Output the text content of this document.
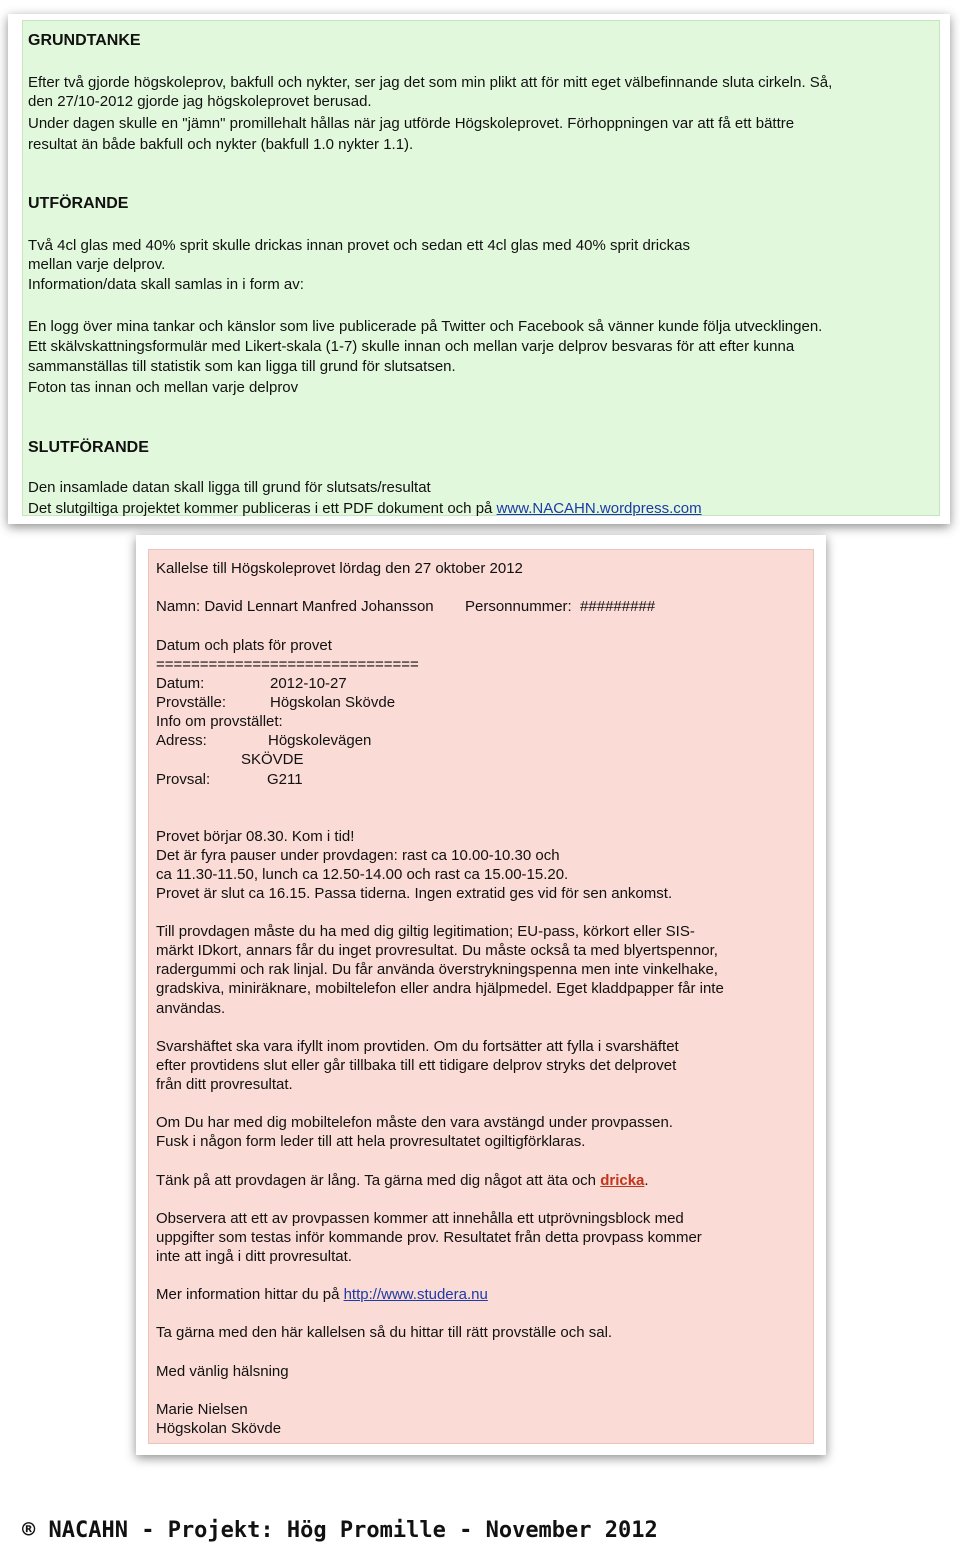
GRUNDTANKE
Efter två gjorde högskoleprov, bakfull och nykter, ser jag det som min plikt att för mitt eget välbefinnande sluta cirkeln. Så,
den 27/10-2012 gjorde jag högskoleprovet berusad.
Under dagen skulle en "jämn" promillehalt hållas när jag utförde Högskoleprovet. Förhoppningen var att få ett bättre
resultat än både bakfull och nykter (bakfull 1.0 nykter 1.1).
UTFÖRANDE
Två 4cl glas med 40% sprit skulle drickas innan provet och sedan ett 4cl glas med 40% sprit drickas
mellan varje delprov.
Information/data skall samlas in i form av:
En logg över mina tankar och känslor som live publicerade på Twitter och Facebook så vänner kunde följa utvecklingen.
Ett skälvskattningsformulär med Likert-skala (1-7) skulle innan och mellan varje delprov besvaras för att efter kunna
sammanställas till statistik som kan ligga till grund för slutsatsen.
Foton tas innan och mellan varje delprov
SLUTFÖRANDE
Den insamlade datan skall ligga till grund för slutsats/resultat
Det slutgiltiga projektet kommer publiceras i ett PDF dokument och på www.NACAHN.wordpress.com
Kallelse till Högskoleprovet lördag den 27 oktober 2012
Namn: David Lennart Manfred Johansson Personnummer:  #########
Datum och plats för provet
==============================
Datum:	2012-10-27
Provställe:	Högskolan Skövde
Info om provstället:
Adress:	Högskolevägen
SKÖVDE
Provsal:	G211
Provet börjar 08.30. Kom i tid!
Det är fyra pauser under provdagen: rast ca 10.00-10.30 och
ca 11.30-11.50, lunch ca 12.50-14.00 och rast ca 15.00-15.20.
Provet är slut ca 16.15. Passa tiderna. Ingen extratid ges vid för sen ankomst.
Till provdagen måste du ha med dig giltig legitimation; EU-pass, körkort eller SIS-
märkt IDkort, annars får du inget provresultat. Du måste också ta med blyertspennor,
radergummi och rak linjal. Du får använda överstrykningspenna men inte vinkelhake,
gradskiva, miniräknare, mobiltelefon eller andra hjälpmedel. Eget kladdpapper får inte
användas.
Svarshäftet ska vara ifyllt inom provtiden. Om du fortsätter att fylla i svarshäftet
efter provtidens slut eller går tillbaka till ett tidigare delprov stryks det delprovet
från ditt provresultat.
Om Du har med dig mobiltelefon måste den vara avstängd under provpassen.
Fusk i någon form leder till att hela provresultatet ogiltigförklaras.
Tänk på att provdagen är lång. Ta gärna med dig något att äta och dricka.
Observera att ett av provpassen kommer att innehålla ett utprövningsblock med
uppgifter som testas inför kommande prov. Resultatet från detta provpass kommer
inte att ingå i ditt provresultat.
Mer information hittar du på http://www.studera.nu
Ta gärna med den här kallelsen så du hittar till rätt provställe och sal.
Med vänlig hälsning
Marie Nielsen
Högskolan Skövde
® NACAHN - Projekt: Hög Promille - November 2012
